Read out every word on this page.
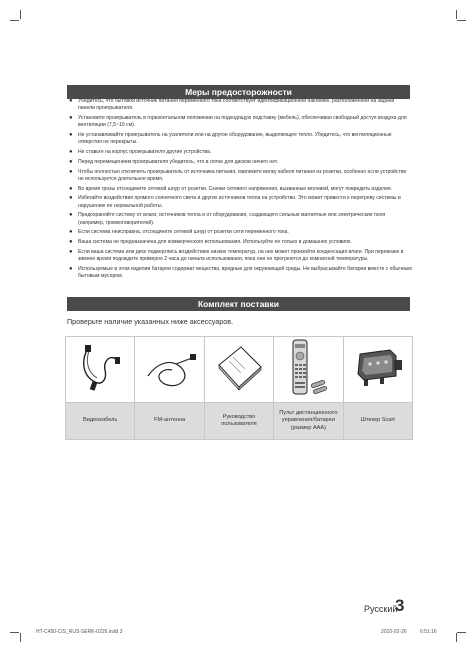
Меры предосторожности
● Убедитесь, что бытовой источник питания переменного тока соответствует идентификационной наклейке, расположенной на задней панели проигрывателя.
● Установите проигрыватель в горизонтальном положении на подходящую подставку (мебель), обеспечивая свободный доступ воздуха для вентиляции (7,5~10 см).
● Не устанавливайте проигрыватель на усилители или на другое оборудование, выделяющее тепло. Убедитесь, что вентиляционные отверстия не перекрыты.
● Не ставьте на корпус проигрывателя другие устройства.
● Перед перемещением проигрывателя убедитесь, что в лотке для дисков ничего нет.
● Чтобы полностью отключить проигрыватель от источника питания, извлеките вилку кабеля питания из розетки, особенно если устройство не используется длительное время.
● Во время грозы отсоедините сетевой шнур от розетки. Скачки сетевого напряжения, вызванные молнией, могут повредить изделие.
● Избегайте воздействия прямого солнечного света и других источников тепла на устройство. Это может привести к перегреву системы и нарушению ее нормальной работы.
● Предохраняйте систему от влаги, источников тепла и от оборудования, создающего сильные магнитные или электрические поля (например, громкоговорителей).
● Если система неисправна, отсоедините сетевой шнур от розетки сети переменного тока.
● Ваша система не предназначена для коммерческого использования. Используйте ее только в домашних условиях.
● Если ваша система или диск подверглись воздействию низких температур, на них может произойти конденсация влаги. При перевозке в зимнее время подождите примерно 2 часа до начала использования, пока они не прогреются до комнатной температуры.
● Используемые в этом изделии батареи содержат вещества, вредные для окружающей среды. Не выбрасывайте батареи вместе с обычным бытовым мусором.
Комплект поставки
Проверьте наличие указанных ниже аксессуаров.

Видеокабель	FM-антенна	Руководство пользователя	Пульт дистанционного управления/батареи (размер ААА)	Штекер Scart
Русский
3
HT-C450-CIS_RUS-SERK-0226.indd 3	2010-02-26	6:51:16
